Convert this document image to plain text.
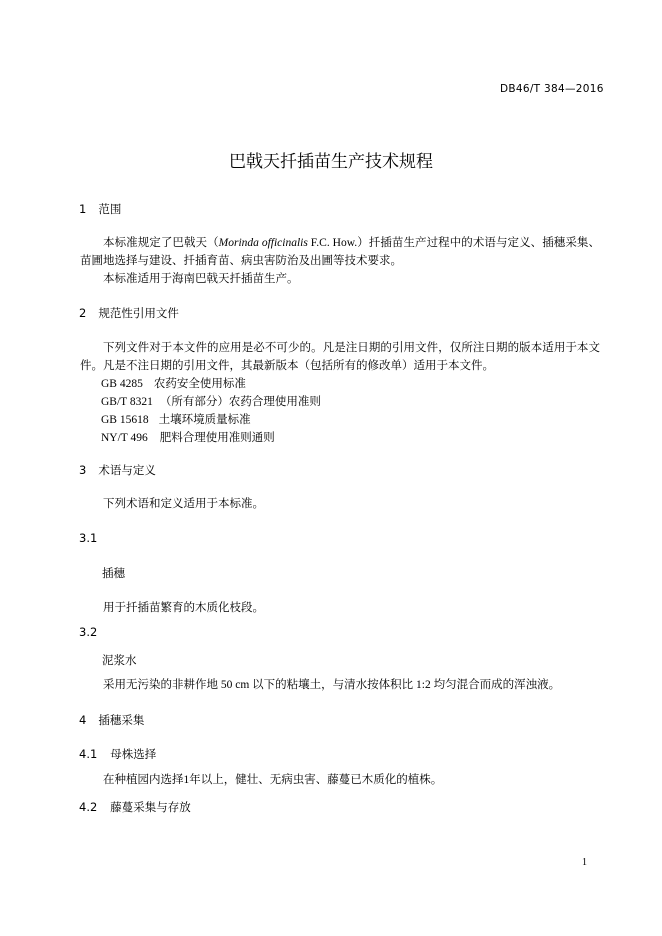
DB46/T 384—2016
巴戟天扦插苗生产技术规程
1 范围
本标准规定了巴戟天（Morinda officinalis F.C. How.）扦插苗生产过程中的术语与定义、插穗采集、苗圃地选择与建设、扦插育苗、病虫害防治及出圃等技术要求。
本标准适用于海南巴戟天扦插苗生产。
2 规范性引用文件
下列文件对于本文件的应用是必不可少的。凡是注日期的引用文件，仅所注日期的版本适用于本文件。凡是不注日期的引用文件，其最新版本（包括所有的修改单）适用于本文件。
GB 4285 农药安全使用标准
GB/T 8321 （所有部分）农药合理使用准则
GB 15618 土壤环境质量标准
NY/T 496 肥料合理使用准则通则
3 术语与定义
下列术语和定义适用于本标准。
3.1
插穗
用于扦插苗繁育的木质化枝段。
3.2
泥浆水
采用无污染的非耕作地 50 cm 以下的粘壤土，与清水按体积比 1:2 均匀混合而成的浑浊液。
4 插穗采集
4.1 母株选择
在种植园内选择1年以上，健壮、无病虫害、藤蔓已木质化的植株。
4.2 藤蔓采集与存放
1
